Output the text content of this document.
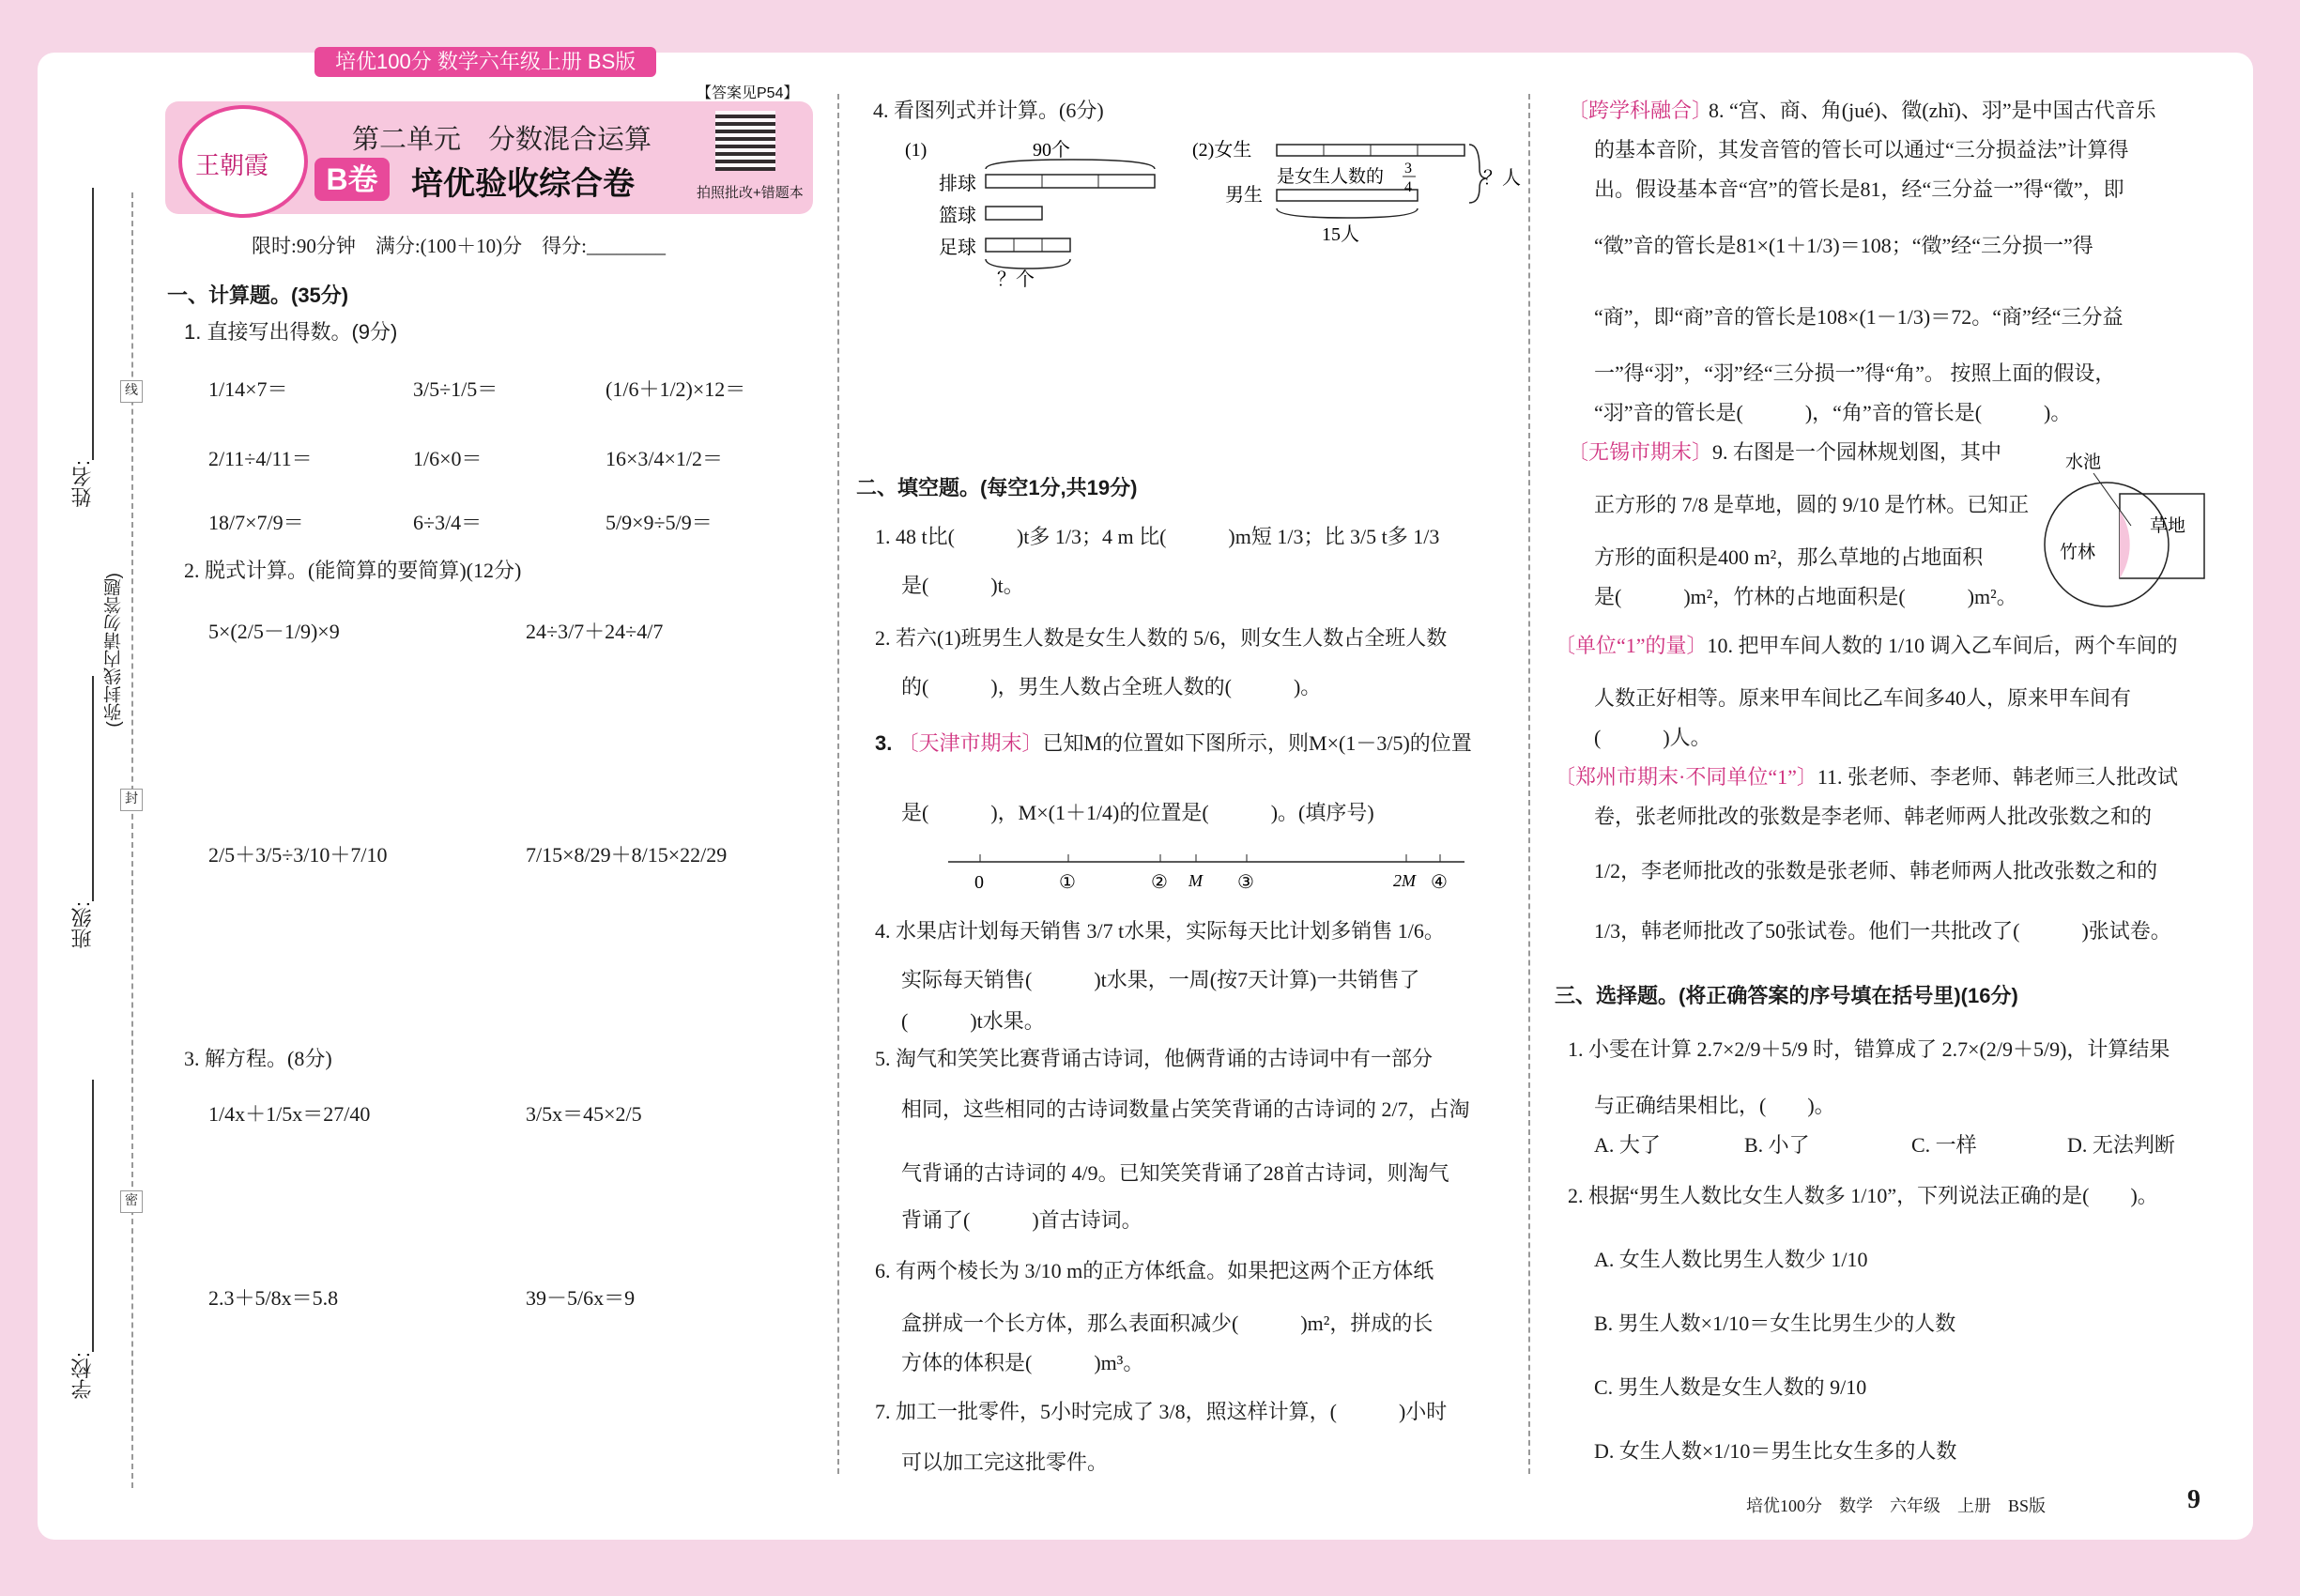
培优100分 数学六年级上册 BS版
姓名:
班级:
学校:
(弥封线内请勿答题)
线
封
密
王朝霞
第二单元　分数混合运算
B卷	培优验收综合卷
【答案见P54】
拍照批改+错题本
限时:90分钟　满分:(100＋10)分　得分:________
一、计算题。(35分)
1. 直接写出得数。(9分)
1/14×7＝	3/5÷1/5＝	(1/6＋1/2)×12＝
2/11÷4/11＝	1/6×0＝	16×3/4×1/2＝
18/7×7/9＝	6÷3/4＝	5/9×9÷5/9＝
2. 脱式计算。(能简算的要简算)(12分)
5×(2/5－1/9)×9	24÷3/7＋24÷4/7
2/5＋3/5÷3/10＋7/10	7/15×8/29＋8/15×22/29
3. 解方程。(8分)
1/4x＋1/5x＝27/40	3/5x＝45×2/5
2.3＋5/8x＝5.8	39－5/6x＝9
4. 看图列式并计算。(6分)
(1)	90个
排球
篮球
足球
？个
(2)女生
男生
是女生人数的 3
4
15人
？人
二、填空题。(每空1分,共19分)
1. 48 t比(　　　)t多 1/3；4 m 比(　　　)m短 1/3；比 3/5 t多 1/3
是(　　　)t。
2. 若六(1)班男生人数是女生人数的 5/6，则女生人数占全班人数
的(　　　)，男生人数占全班人数的(　　　)。
3. 〔天津市期末〕已知M的位置如下图所示，则M×(1－3/5)的位置
是(　　　)，M×(1＋1/4)的位置是(　　　)。(填序号)
0	①	② M ③	2M ④
4. 水果店计划每天销售 3/7 t水果，实际每天比计划多销售 1/6。
实际每天销售(　　　)t水果，一周(按7天计算)一共销售了
(　　　)t水果。
5. 淘气和笑笑比赛背诵古诗词，他俩背诵的古诗词中有一部分
相同，这些相同的古诗词数量占笑笑背诵的古诗词的 2/7，占淘
气背诵的古诗词的 4/9。已知笑笑背诵了28首古诗词，则淘气
背诵了(　　　)首古诗词。
6. 有两个棱长为 3/10 m的正方体纸盒。如果把这两个正方体纸
盒拼成一个长方体，那么表面积减少(　　　)m²，拼成的长
方体的体积是(　　　)m³。
7. 加工一批零件，5小时完成了 3/8，照这样计算，(　　　)小时
可以加工完这批零件。
〔跨学科融合〕
8. “宫、商、角(jué)、徵(zhǐ)、羽”是中国古代音乐
的基本音阶，其发音管的管长可以通过“三分损益法”计算得
出。假设基本音“宫”的管长是81，经“三分益一”得“徵”，即
“徵”音的管长是81×(1＋1/3)＝108；“徵”经“三分损一”得
“商”，即“商”音的管长是108×(1－1/3)＝72。“商”经“三分益
一”得“羽”，“羽”经“三分损一”得“角”。 按照上面的假设，
“羽”音的管长是(　　　)，“角”音的管长是(　　　)。
〔无锡市期末〕9. 右图是一个园林规划图，其中
正方形的 7/8 是草地，圆的 9/10 是竹林。已知正
方形的面积是400 m²，那么草地的占地面积
是(　　　)m²，竹林的占地面积是(　　　)m²。
水池
草地
竹林
〔单位“1”的量〕10. 把甲车间人数的 1/10 调入乙车间后，两个车间的
人数正好相等。原来甲车间比乙车间多40人，原来甲车间有
(　　　)人。
〔郑州市期末·不同单位“1”〕11. 张老师、李老师、韩老师三人批改试
卷，张老师批改的张数是李老师、韩老师两人批改张数之和的
1/2，李老师批改的张数是张老师、韩老师两人批改张数之和的
1/3，韩老师批改了50张试卷。他们一共批改了(　　　)张试卷。
三、选择题。(将正确答案的序号填在括号里)(16分)
1. 小雯在计算 2.7×2/9＋5/9 时，错算成了 2.7×(2/9＋5/9)，计算结果
与正确结果相比，(　　)。
A. 大了	B. 小了	C. 一样	D. 无法判断
2. 根据“男生人数比女生人数多 1/10”，下列说法正确的是(　　)。
A. 女生人数比男生人数少 1/10
B. 男生人数×1/10＝女生比男生少的人数
C. 男生人数是女生人数的 9/10
D. 女生人数×1/10＝男生比女生多的人数
培优100分　数学　六年级　上册　BS版	9
